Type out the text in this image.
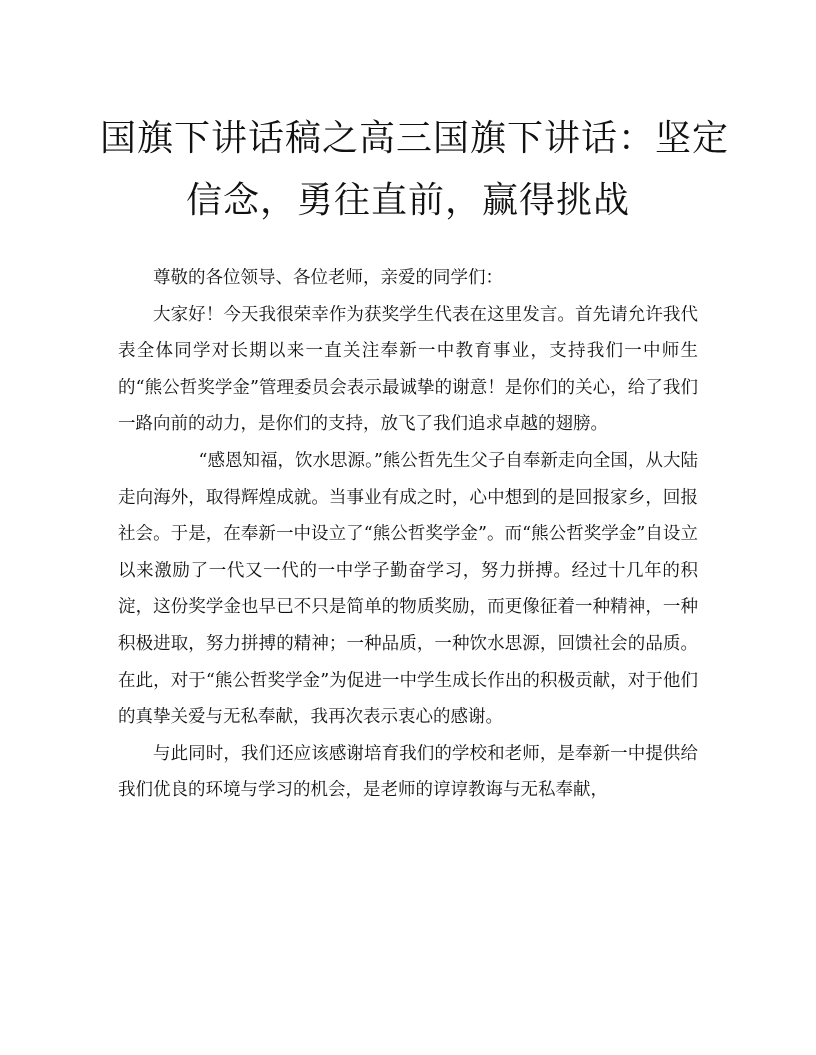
国旗下讲话稿之高三国旗下讲话：坚定
信念，勇往直前，赢得挑战

尊敬的各位领导、各位老师，亲爱的同学们：

大家好！今天我很荣幸作为获奖学生代表在这里发言。首先请允许我代表全体同学对长期以来一直关注奉新一中教育事业，支持我们一中师生的“熊公哲奖学金”管理委员会表示最诚挚的谢意！是你们的关心，给了我们一路向前的动力，是你们的支持，放飞了我们追求卓越的翅膀。

“感恩知福，饮水思源。”熊公哲先生父子自奉新走向全国，从大陆走向海外，取得辉煌成就。当事业有成之时，心中想到的是回报家乡，回报社会。于是，在奉新一中设立了“熊公哲奖学金”。而“熊公哲奖学金”自设立以来激励了一代又一代的一中学子勤奋学习，努力拼搏。经过十几年的积淀，这份奖学金也早已不只是简单的物质奖励，而更像征着一种精神，一种积极进取，努力拼搏的精神；一种品质，一种饮水思源，回馈社会的品质。在此，对于“熊公哲奖学金”为促进一中学生成长作出的积极贡献，对于他们的真挚关爱与无私奉献，我再次表示衷心的感谢。

与此同时，我们还应该感谢培育我们的学校和老师，是奉新一中提供给我们优良的环境与学习的机会，是老师的谆谆教诲与无私奉献，
